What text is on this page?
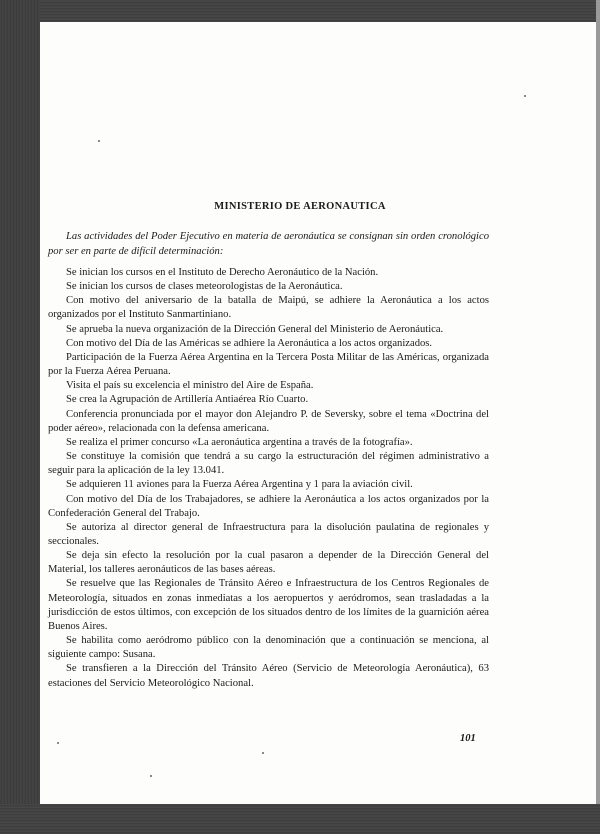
MINISTERIO DE AERONAUTICA

Las actividades del Poder Ejecutivo en materia de aeronáutica se consignan sin orden cronológico por ser en parte de difícil determinación:

Se inician los cursos en el Instituto de Derecho Aeronáutico de la Nación.

Se inician los cursos de clases meteorologistas de la Aeronáutica.

Con motivo del aniversario de la batalla de Maipú, se adhiere la Aeronáutica a los actos organizados por el Instituto Sanmartiniano.

Se aprueba la nueva organización de la Dirección General del Ministerio de Aeronáutica.

Con motivo del Día de las Américas se adhiere la Aeronáutica a los actos organizados.

Participación de la Fuerza Aérea Argentina en la Tercera Posta Militar de las Américas, organizada por la Fuerza Aérea Peruana.

Visita el país su excelencia el ministro del Aire de España.

Se crea la Agrupación de Artillería Antiaérea Río Cuarto.

Conferencia pronunciada por el mayor don Alejandro P. de Seversky, sobre el tema «Doctrina del poder aéreo», relacionada con la defensa americana.

Se realiza el primer concurso «La aeronáutica argentina a través de la fotografía».

Se constituye la comisión que tendrá a su cargo la estructuración del régimen administrativo a seguir para la aplicación de la ley 13.041.

Se adquieren 11 aviones para la Fuerza Aérea Argentina y 1 para la aviación civil.

Con motivo del Día de los Trabajadores, se adhiere la Aeronáutica a los actos organizados por la Confederación General del Trabajo.

Se autoriza al director general de Infraestructura para la disolución paulatina de regionales y seccionales.

Se deja sin efecto la resolución por la cual pasaron a depender de la Dirección General del Material, los talleres aeronáuticos de las bases aéreas.

Se resuelve que las Regionales de Tránsito Aéreo e Infraestructura de los Centros Regionales de Meteorología, situados en zonas inmediatas a los aeropuertos y aeródromos, sean trasladadas a la jurisdicción de estos últimos, con excepción de los situados dentro de los límites de la guarnición aérea Buenos Aires.

Se habilita como aeródromo público con la denominación que a continuación se menciona, al siguiente campo: Susana.

Se transfieren a la Dirección del Tránsito Aéreo (Servicio de Meteorología Aeronáutica), 63 estaciones del Servicio Meteorológico Nacional.

101
